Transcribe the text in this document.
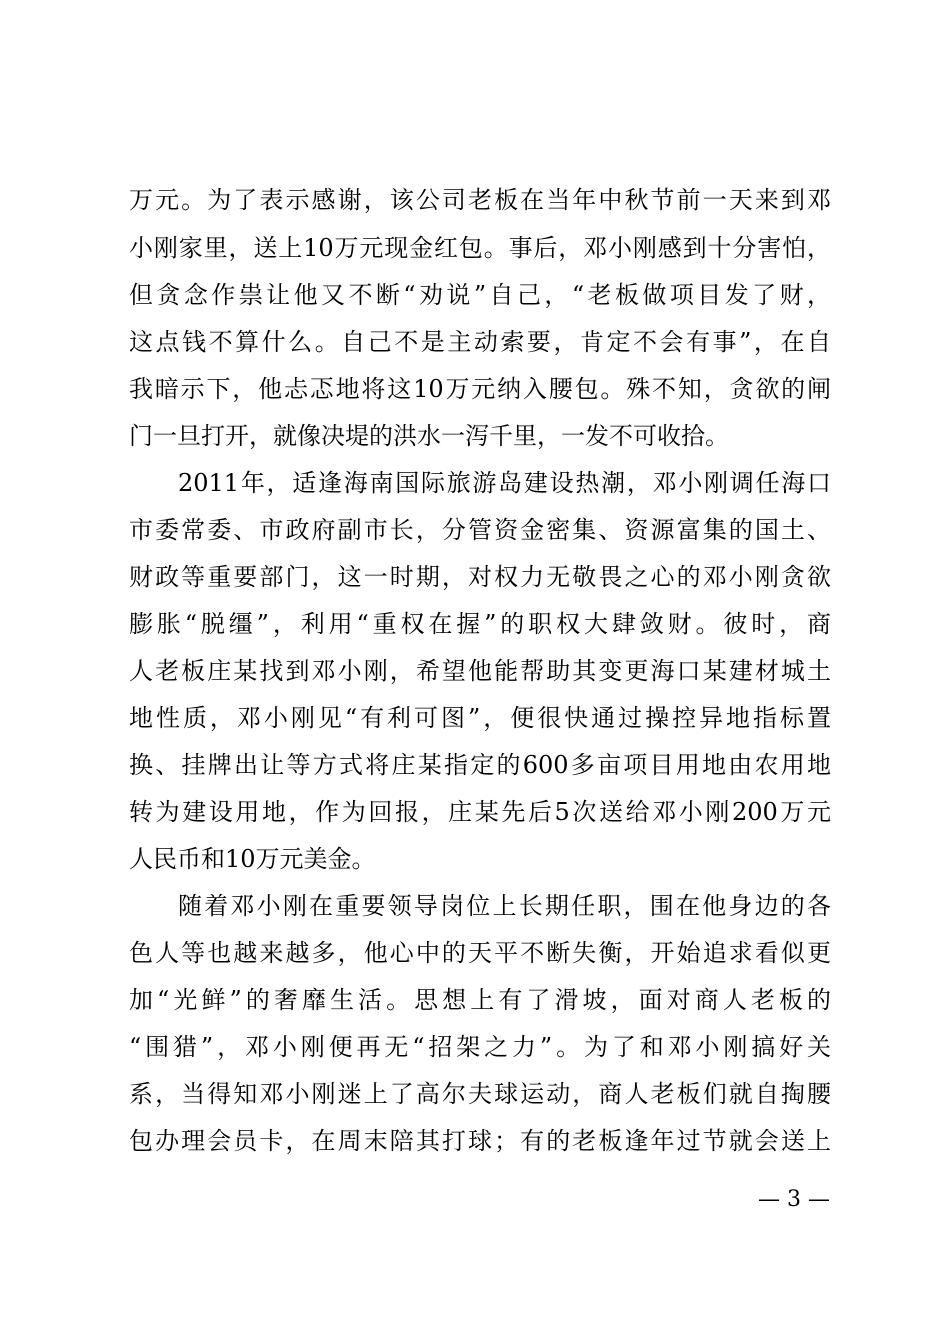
万元。为了表示感谢，该公司老板在当年中秋节前一天来到邓
小刚家里，送上10万元现金红包。事后，邓小刚感到十分害怕，
但贪念作祟让他又不断“劝说”自己，“老板做项目发了财，
这点钱不算什么。自己不是主动索要，肯定不会有事”，在自
我暗示下，他忐忑地将这10万元纳入腰包。殊不知，贪欲的闸
门一旦打开，就像决堤的洪水一泻千里，一发不可收拾。
2011年，适逢海南国际旅游岛建设热潮，邓小刚调任海口
市委常委、市政府副市长，分管资金密集、资源富集的国土、
财政等重要部门，这一时期，对权力无敬畏之心的邓小刚贪欲
膨胀“脱缰”，利用“重权在握”的职权大肆敛财。彼时，商
人老板庄某找到邓小刚，希望他能帮助其变更海口某建材城土
地性质，邓小刚见“有利可图”，便很快通过操控异地指标置
换、挂牌出让等方式将庄某指定的600多亩项目用地由农用地
转为建设用地，作为回报，庄某先后5次送给邓小刚200万元
人民币和10万元美金。
随着邓小刚在重要领导岗位上长期任职，围在他身边的各
色人等也越来越多，他心中的天平不断失衡，开始追求看似更
加“光鲜”的奢靡生活。思想上有了滑坡，面对商人老板的
“围猎”，邓小刚便再无“招架之力”。为了和邓小刚搞好关
系，当得知邓小刚迷上了高尔夫球运动，商人老板们就自掏腰
包办理会员卡，在周末陪其打球；有的老板逢年过节就会送上
— 3 —
